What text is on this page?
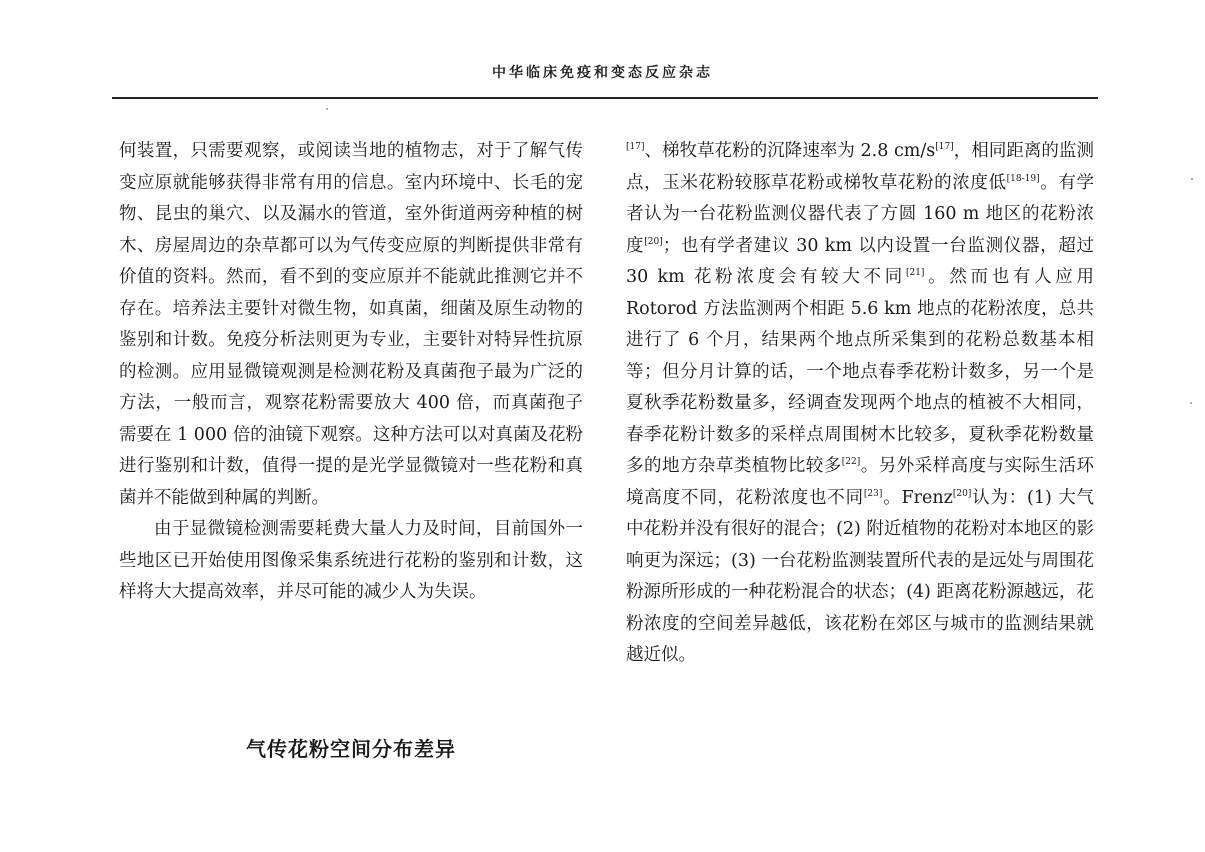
中华临床免疫和变态反应杂志

何装置，只需要观察，或阅读当地的植物志，对于了解气传变应原就能够获得非常有用的信息。室内环境中、长毛的宠物、昆虫的巢穴、以及漏水的管道，室外街道两旁种植的树木、房屋周边的杂草都可以为气传变应原的判断提供非常有价值的资料。然而，看不到的变应原并不能就此推测它并不存在。培养法主要针对微生物，如真菌，细菌及原生动物的鉴别和计数。免疫分析法则更为专业，主要针对特异性抗原的检测。应用显微镜观测是检测花粉及真菌孢子最为广泛的方法，一般而言，观察花粉需要放大 400 倍，而真菌孢子需要在 1 000 倍的油镜下观察。这种方法可以对真菌及花粉进行鉴别和计数，值得一提的是光学显微镜对一些花粉和真菌并不能做到种属的判断。

由于显微镜检测需要耗费大量人力及时间，目前国外一些地区已开始使用图像采集系统进行花粉的鉴别和计数，这样将大大提高效率，并尽可能的减少人为失误。

气传花粉空间分布差异

[17]、梯牧草花粉的沉降速率为 2.8 cm/s[17]，相同距离的监测点，玉米花粉较豚草花粉或梯牧草花粉的浓度低[18-19]。有学者认为一台花粉监测仪器代表了方圆 160 m 地区的花粉浓度[20]；也有学者建议 30 km 以内设置一台监测仪器，超过 30 km 花粉浓度会有较大不同[21]。然而也有人应用 Rotorod 方法监测两个相距 5.6 km 地点的花粉浓度，总共进行了 6 个月，结果两个地点所采集到的花粉总数基本相等；但分月计算的话，一个地点春季花粉计数多，另一个是夏秋季花粉数量多，经调查发现两个地点的植被不大相同，春季花粉计数多的采样点周围树木比较多，夏秋季花粉数量多的地方杂草类植物比较多[22]。另外采样高度与实际生活环境高度不同，花粉浓度也不同[23]。Frenz[20]认为：(1) 大气中花粉并没有很好的混合；(2) 附近植物的花粉对本地区的影响更为深远；(3) 一台花粉监测装置所代表的是远处与周围花粉源所形成的一种花粉混合的状态；(4) 距离花粉源越远，花粉浓度的空间差异越低，该花粉在郊区与城市的监测结果就越近似。
